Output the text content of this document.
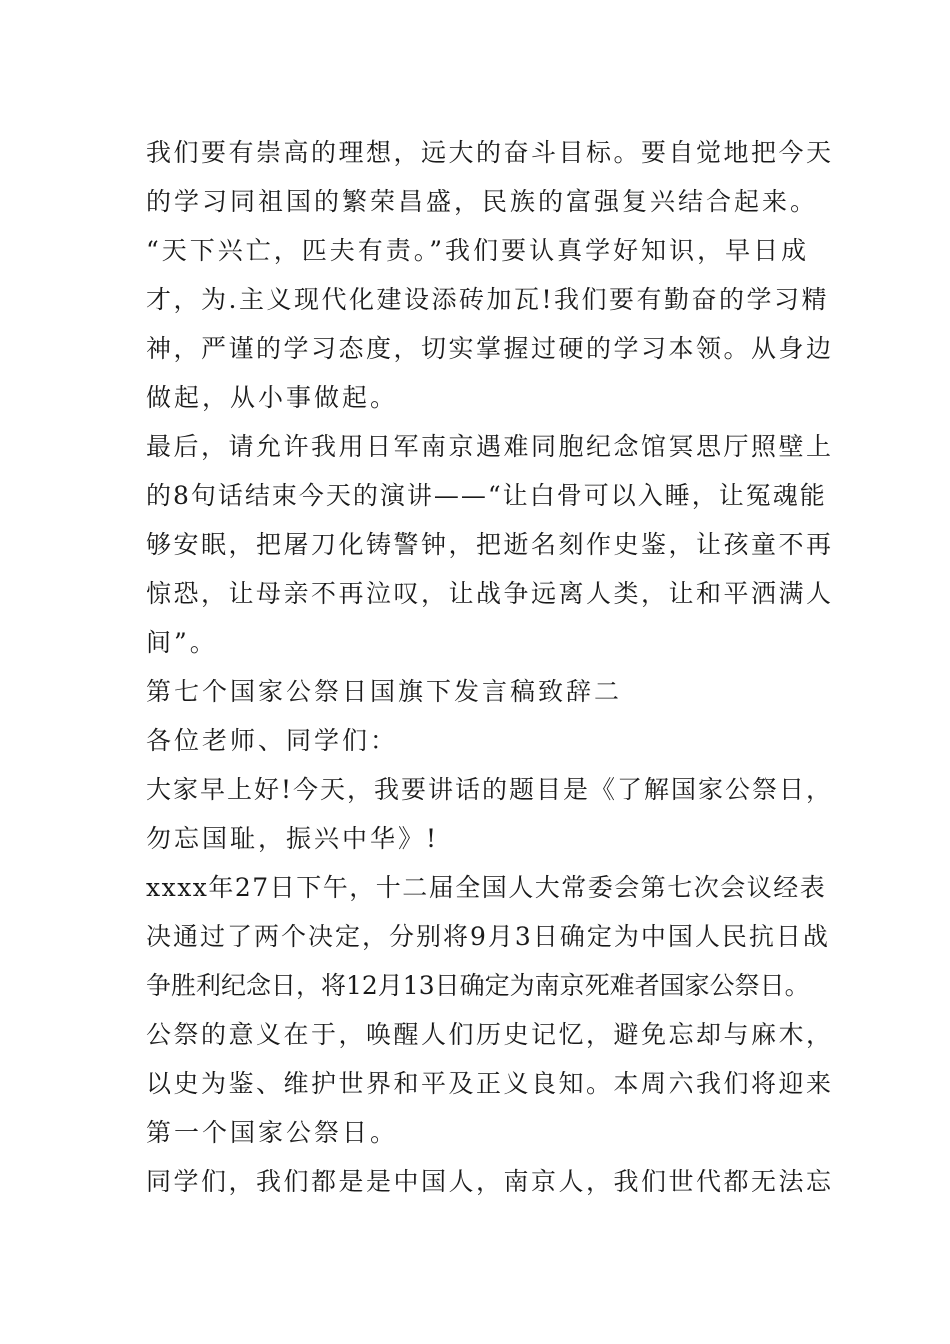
我们要有崇高的理想，远大的奋斗目标。要自觉地把今天
的学习同祖国的繁荣昌盛，民族的富强复兴结合起来。
“天下兴亡，匹夫有责。”我们要认真学好知识，早日成
才，为.主义现代化建设添砖加瓦!我们要有勤奋的学习精
神，严谨的学习态度，切实掌握过硬的学习本领。从身边
做起，从小事做起。
最后，请允许我用日军南京遇难同胞纪念馆冥思厅照壁上
的8句话结束今天的演讲——“让白骨可以入睡，让冤魂能
够安眠，把屠刀化铸警钟，把逝名刻作史鉴，让孩童不再
惊恐，让母亲不再泣叹，让战争远离人类，让和平洒满人
间”。
第七个国家公祭日国旗下发言稿致辞二
各位老师、同学们：
大家早上好!今天，我要讲话的题目是《了解国家公祭日，
勿忘国耻，振兴中华》!
xxxx年27日下午，十二届全国人大常委会第七次会议经表
决通过了两个决定，分别将9月3日确定为中国人民抗日战
争胜利纪念日，将12月13日确定为南京死难者国家公祭日。
公祭的意义在于，唤醒人们历史记忆，避免忘却与麻木，
以史为鉴、维护世界和平及正义良知。本周六我们将迎来
第一个国家公祭日。
同学们，我们都是是中国人，南京人，我们世代都无法忘
